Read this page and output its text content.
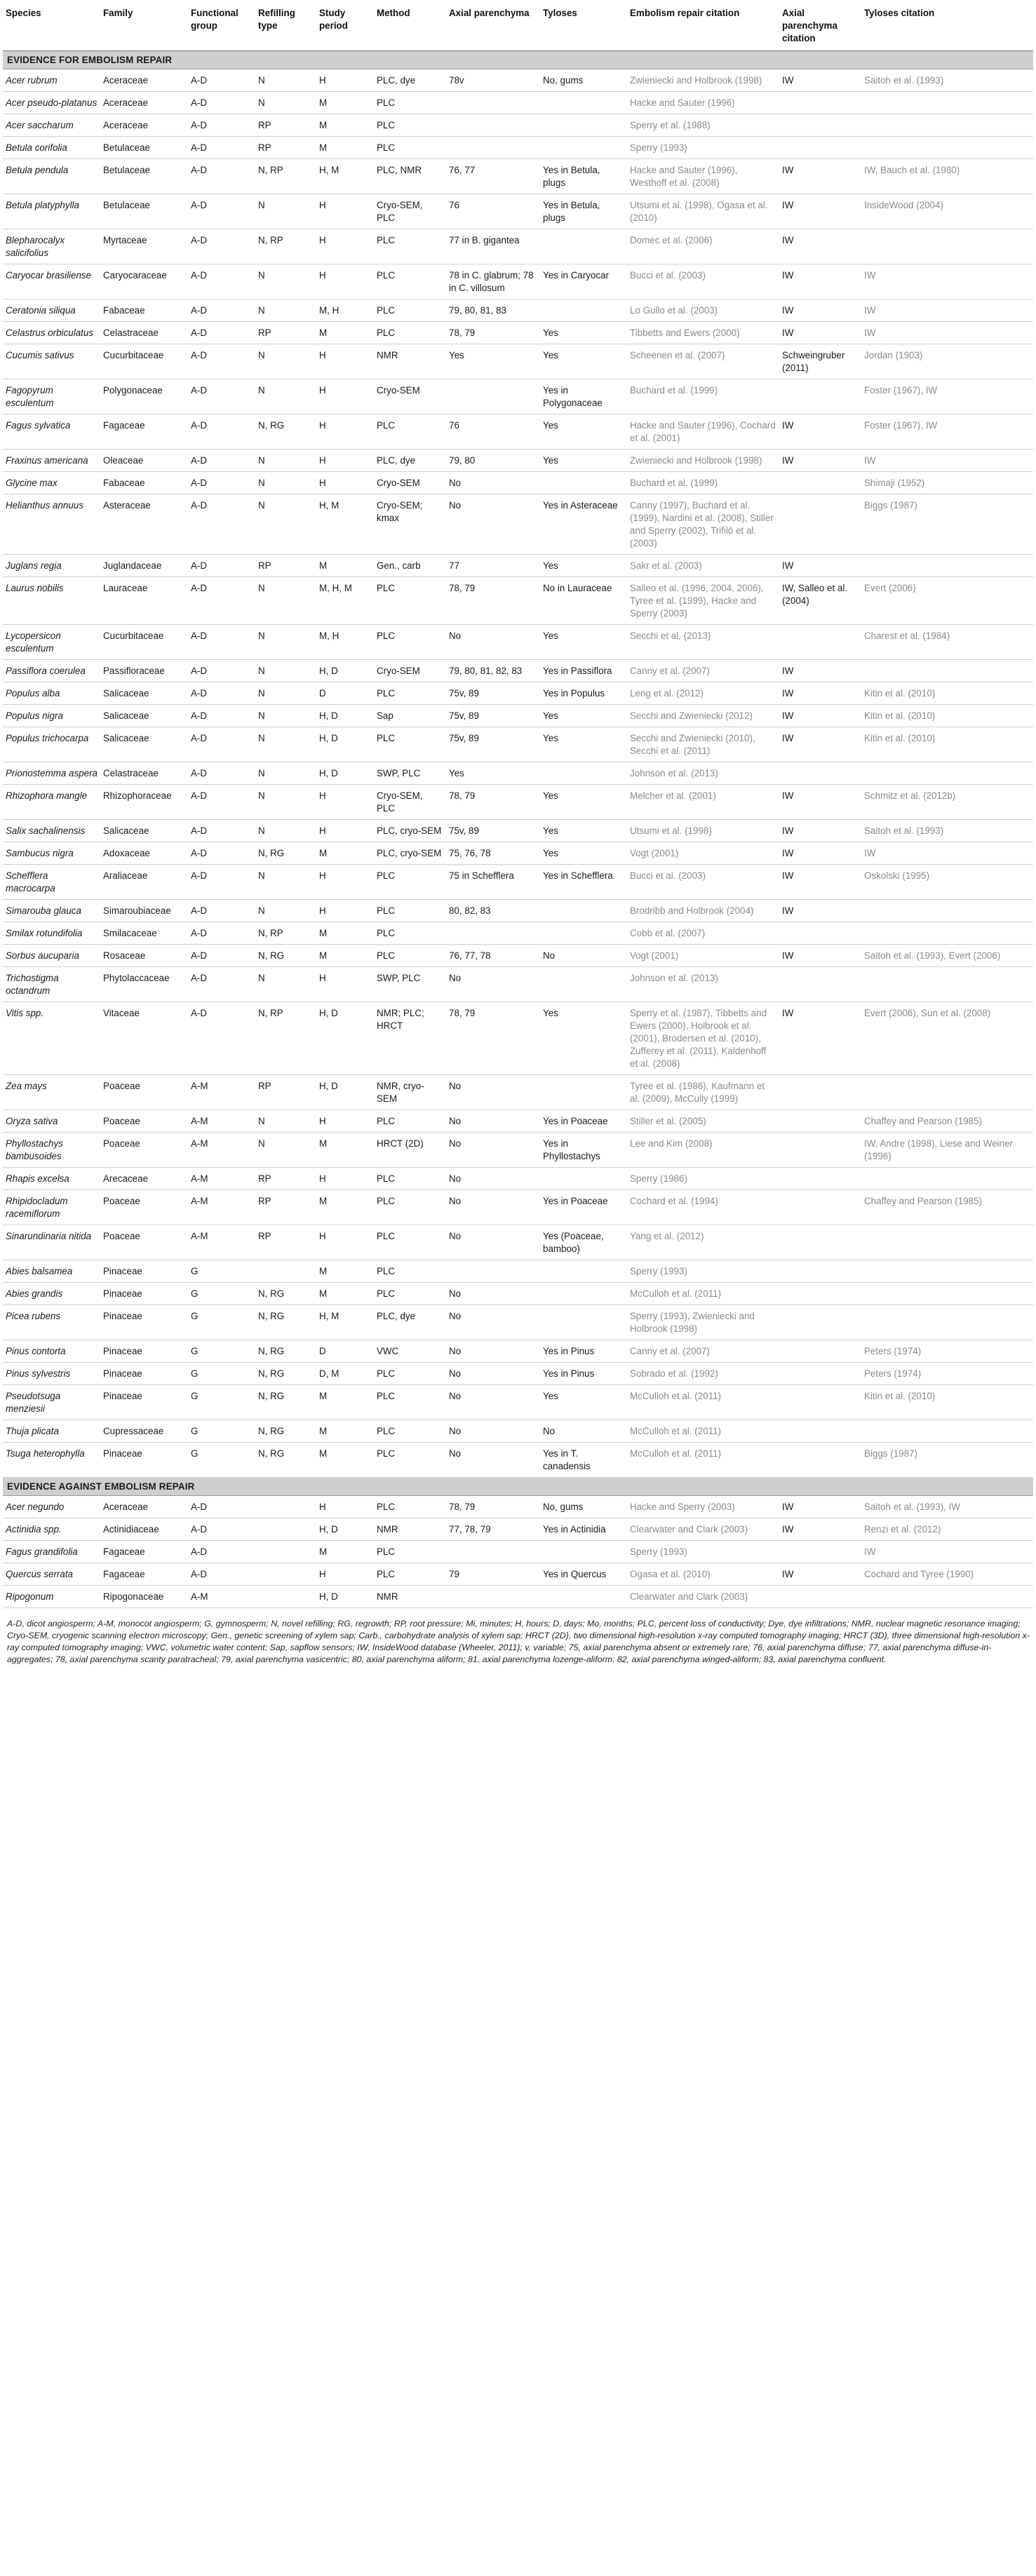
Species	Family	Functional group	Refilling type	Study period	Method	Axial parenchyma	Tyloses	Embolism repair citation	Axial parenchyma citation	Tyloses citation
EVIDENCE FOR EMBOLISM REPAIR										
Acer rubrum	Aceraceae	A-D	N	H	PLC, dye	78v	No, gums	Zwieniecki and Holbrook (1998)	IW	Saitoh et al. (1993)
Acer pseudo-platanus	Aceraceae	A-D	N	M	PLC			Hacke and Sauter (1996)		
Acer saccharum	Aceraceae	A-D	RP	M	PLC			Sperry et al. (1988)		
Betula corifolia	Betulaceae	A-D	RP	M	PLC			Sperry (1993)		
Betula pendula	Betulaceae	A-D	N, RP	H, M	PLC, NMR	76, 77	Yes in Betula, plugs	Hacke and Sauter (1996), Westhoff et al. (2008)	IW	IW, Bauch et al. (1980)
Betula platyphylla	Betulaceae	A-D	N	H	Cryo-SEM, PLC	76	Yes in Betula, plugs	Utsumi et al. (1998), Ogasa et al. (2010)	IW	InsideWood (2004)
Blepharocalyx salicifolius	Myrtaceae	A-D	N, RP	H	PLC	77 in B. gigantea		Domec et al. (2006)	IW	
Caryocar brasiliense	Caryocaraceae	A-D	N	H	PLC	78 in C. glabrum; 78 in C. villosum	Yes in Caryocar	Bucci et al. (2003)	IW	IW
Ceratonia siliqua	Fabaceae	A-D	N	M, H	PLC	79, 80, 81, 83		Lo Gullo et al. (2003)	IW	IW
Celastrus orbiculatus	Celastraceae	A-D	RP	M	PLC	78, 79	Yes	Tibbetts and Ewers (2000)	IW	IW
Cucumis sativus	Cucurbitaceae	A-D	N	H	NMR	Yes	Yes	Scheenen et al. (2007)	Schweingruber (2011)	Jordan (1903)
Fagopyrum esculentum	Polygonaceae	A-D	N	H	Cryo-SEM		Yes in Polygonaceae	Buchard et al. (1999)		Foster (1967), IW
Fagus sylvatica	Fagaceae	A-D	N, RG	H	PLC	76	Yes	Hacke and Sauter (1996), Cochard et al. (2001)	IW	Foster (1967), IW
Fraxinus americana	Oleaceae	A-D	N	H	PLC, dye	79, 80	Yes	Zwieniecki and Holbrook (1998)	IW	IW
Glycine max	Fabaceae	A-D	N	H	Cryo-SEM	No		Buchard et al. (1999)		Shimaji (1952)
Helianthus annuus	Asteraceae	A-D	N	H, M	Cryo-SEM; kmax	No	Yes in Asteraceae	Canny (1997), Buchard et al. (1999), Nardini et al. (2008), Stiller and Sperry (2002), Trifilò et al. (2003)		Biggs (1987)
Juglans regia	Juglandaceae	A-D	RP	M	Gen., carb	77	Yes	Sakr et al. (2003)	IW	
Laurus nobilis	Lauraceae	A-D	N	M, H, M	PLC	78, 79	No in Lauraceae	Salleo et al. (1996, 2004, 2006), Tyree et al. (1999), Hacke and Sperry (2003)	IW, Salleo et al. (2004)	Evert (2006)
Lycopersicon esculentum	Cucurbitaceae	A-D	N	M, H	PLC	No	Yes	Secchi et al. (2013)		Charest et al. (1984)
Passiflora coerulea	Passifloraceae	A-D	N	H, D	Cryo-SEM	79, 80, 81, 82, 83	Yes in Passiflora	Canny et al. (2007)	IW	
Populus alba	Salicaceae	A-D	N	D	PLC	75v, 89	Yes in Populus	Leng et al. (2012)	IW	Kitin et al. (2010)
Populus nigra	Salicaceae	A-D	N	H, D	Sap	75v, 89	Yes	Secchi and Zwieniecki (2012)	IW	Kitin et al. (2010)
Populus trichocarpa	Salicaceae	A-D	N	H, D	PLC	75v, 89	Yes	Secchi and Zwieniecki (2010), Secchi et al. (2011)	IW	Kitin et al. (2010)
Prionostemma aspera	Celastraceae	A-D	N	H, D	SWP, PLC	Yes		Johnson et al. (2013)		
Rhizophora mangle	Rhizophoraceae	A-D	N	H	Cryo-SEM, PLC	78, 79	Yes	Melcher et al. (2001)	IW	Schmitz et al. (2012b)
Salix sachalinensis	Salicaceae	A-D	N	H	PLC, cryo-SEM	75v, 89	Yes	Utsumi et al. (1998)	IW	Saitoh et al. (1993)
Sambucus nigra	Adoxaceae	A-D	N, RG	M	PLC, cryo-SEM	75, 76, 78	Yes	Vogt (2001)	IW	IW
Schefflera macrocarpa	Araliaceae	A-D	N	H	PLC	75 in Schefflera	Yes in Schefflera	Bucci et al. (2003)	IW	Oskolski (1995)
Simarouba glauca	Simaroubiaceae	A-D	N	H	PLC	80, 82, 83		Brodribb and Holbrook (2004)	IW	
Smilax rotundifolia	Smilacaceae	A-D	N, RP	M	PLC			Cobb et al. (2007)		
Sorbus aucuparia	Rosaceae	A-D	N, RG	M	PLC	76, 77, 78	No	Vogt (2001)	IW	Saitoh et al. (1993), Evert (2006)
Trichostigma octandrum	Phytolaccaceae	A-D	N	H	SWP, PLC	No		Johnson et al. (2013)		
Vitis spp.	Vitaceae	A-D	N, RP	H, D	NMR; PLC; HRCT	78, 79	Yes	Sperry et al. (1987), Tibbetts and Ewers (2000), Holbrook et al. (2001), Brodersen et al. (2010), Zufferey et al. (2011), Kaldenhoff et al. (2008)	IW	Evert (2006), Sun et al. (2008)
Zea mays	Poaceae	A-M	RP	H, D	NMR, cryo-SEM	No		Tyree et al. (1986), Kaufmann et al. (2009), McCully (1999)		
Oryza sativa	Poaceae	A-M	N	H	PLC	No	Yes in Poaceae	Stiller et al. (2005)		Chaffey and Pearson (1985)
Phyllostachys bambusoides	Poaceae	A-M	N	M	HRCT (2D)	No	Yes in Phyllostachys	Lee and Kim (2008)		IW, Andre (1998), Liese and Weiner (1996)
Rhapis excelsa	Arecaceae	A-M	RP	H	PLC	No		Sperry (1986)		
Rhipidocladum racemiflorum	Poaceae	A-M	RP	M	PLC	No	Yes in Poaceae	Cochard et al. (1994)		Chaffey and Pearson (1985)
Sinarundinaria nitida	Poaceae	A-M	RP	H	PLC	No	Yes (Poaceae, bamboo)	Yang et al. (2012)		
Abies balsamea	Pinaceae	G		M	PLC			Sperry (1993)		
Abies grandis	Pinaceae	G	N, RG	M	PLC	No		McCulloh et al. (2011)		
Picea rubens	Pinaceae	G	N, RG	H, M	PLC, dye	No		Sperry (1993), Zwieniecki and Holbrook (1998)		
Pinus contorta	Pinaceae	G	N, RG	D	VWC	No	Yes in Pinus	Canny et al. (2007)		Peters (1974)
Pinus sylvestris	Pinaceae	G	N, RG	D, M	PLC	No	Yes in Pinus	Sobrado et al. (1992)		Peters (1974)
Pseudotsuga menziesii	Pinaceae	G	N, RG	M	PLC	No	Yes	McCulloh et al. (2011)		Kitin et al. (2010)
Thuja plicata	Cupressaceae	G	N, RG	M	PLC	No	No	McCulloh et al. (2011)		
Tsuga heterophylla	Pinaceae	G	N, RG	M	PLC	No	Yes in T. canadensis	McCulloh et al. (2011)		Biggs (1987)
EVIDENCE AGAINST EMBOLISM REPAIR										
Acer negundo	Aceraceae	A-D		H	PLC	78, 79	No, gums	Hacke and Sperry (2003)	IW	Saitoh et al. (1993), IW
Actinidia spp.	Actinidiaceae	A-D		H, D	NMR	77, 78, 79	Yes in Actinidia	Clearwater and Clark (2003)	IW	Renzi et al. (2012)
Fagus grandifolia	Fagaceae	A-D		M	PLC			Sperry (1993)		IW
Quercus serrata	Fagaceae	A-D		H	PLC	79	Yes in Quercus	Ogasa et al. (2010)	IW	Cochard and Tyree (1990)
Ripogonum	Ripogonaceae	A-M		H, D	NMR			Clearwater and Clark (2003)		
A-D, dicot angiosperm; A-M, monocot angiosperm; G, gymnosperm; N, novel refilling; RG, regrowth; RP, root pressure; Mi, minutes; H, hours; D, days; Mo, months; PLC, percent loss of conductivity; Dye, dye infiltrations; NMR, nuclear magnetic resonance imaging; Cryo-SEM, cryogenic scanning electron microscopy; Gen., genetic screening of xylem sap; Carb., carbohydrate analysis of xylem sap; HRCT (2D), two dimensional high-resolution x-ray computed tomography imaging; HRCT (3D), three dimensional high-resolution x-ray computed tomography imaging; VWC, volumetric water content; Sap, sapflow sensors; IW, InsideWood database (Wheeler, 2011); v, variable; 75, axial parenchyma absent or extremely rare; 76, axial parenchyma diffuse; 77, axial parenchyma diffuse-in-aggregates; 78, axial parenchyma scanty paratracheal; 79, axial parenchyma vasicentric; 80, axial parenchyma aliform; 81, axial parenchyma lozenge-aliform; 82, axial parenchyma winged-aliform; 83, axial parenchyma confluent.
